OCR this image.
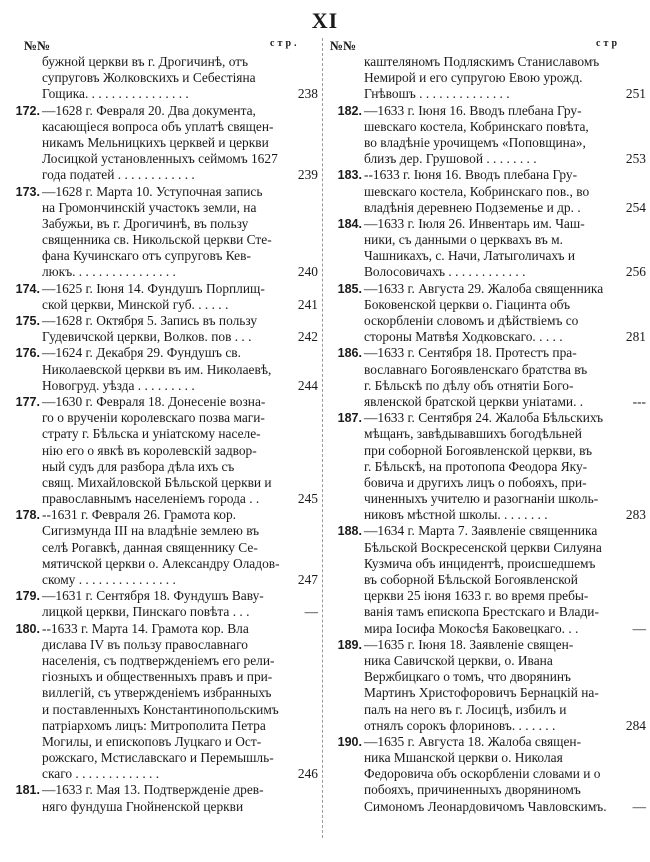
XI
№№	стр. №№	стр
бужной церкви въ г. Дрогичинѣ, отъ
супруговъ Жолковскихъ и Себестіяна
Гощика. . . . . . . . . . . . . . . .	238
172. —1628 г. Февраля 20. Два документа,
касающіеся вопроса объ уплатѣ священ-
никамъ Мельницкихъ церквей и церкви
Лосицкой установленныхъ сеймомъ 1627
года податей . . . . . . . . . . . .	239
173. —1628 г. Марта 10. Уступочная запись
на Громончинскій участокъ земли, на
Забужьи, въ г. Дрогичинѣ, въ пользу
священника св. Никольской церкви Сте-
фана Кучинскаго отъ супруговъ Кев-
люкъ. . . . . . . . . . . . . . . .	240
174. —1625 г. Іюня 14. Фундушъ Порплищ-
ской церкви, Минской губ. . . . . .	241
175. —1628 г. Октября 5. Запись въ пользу
Гудевичской церкви, Волков. пов . . .	242
176. —1624 г. Декабря 29. Фундушъ св.
Николаевской церкви въ им. Николаевѣ,
Новогруд. уѣзда . . . . . . . . .	244
177. —1630 г. Февраля 18. Донесеніе возна-
го о врученіи королевскаго позва маги-
страту г. Бѣльска и уніатскому населе-
нію его о явкѣ въ королевскій задвор-
ный судъ для разбора дѣла ихъ съ
свящ. Михайловской Бѣльской церкви и
православнымъ населеніемъ города . .	245
178. --1631 г. Февраля 26. Грамота кор.
Сигизмунда III на владѣніе землею въ
селѣ Рогавкѣ, данная священнику Се-
мятичской церкви о. Александру Оладов-
скому . . . . . . . . . . . . . . .	247
179. —1631 г. Сентября 18. Фундушъ Ваву-
лицкой церкви, Пинскаго повѣта . . .	—
180. --1633 г. Марта 14. Грамота кор. Вла
дислава IV въ пользу православнаго
населенія, съ подтвержденіемъ его рели-
гіозныхъ и общественныхъ правъ и при-
виллегій, съ утвержденіемъ избранныхъ
и поставленныхъ Константинопольскимъ
патріархомъ лицъ: Митрополита Петра
Могилы, и епископовъ Луцкаго и Ост-
рожскаго, Мстиславскаго и Перемышль-
скаго . . . . . . . . . . . . .	246
181. —1633 г. Мая 13. Подтвержденіе древ-
няго фундуша Гнойненской церкви
каштеляномъ Подляскимъ Станиславомъ
Немирой и его супругою Евою урожд.
Гнѣвошъ . . . . . . . . . . . . . .	251
182. —1633 г. Іюня 16. Вводъ плебана Гру-
шевскаго костела, Кобринскаго повѣта,
во владѣніе урочищемъ «Поповщина»,
близъ дер. Грушовой . . . . . . . .	253
183. --1633 г. Іюня 16. Вводъ плебана Гру-
шевскаго костела, Кобринскаго пов., во
владѣнія деревнею Подземенье и др. .	254
184. —1633 г. Іюля 26. Инвентарь им. Чаш-
ники, съ данными о церквахъ въ м.
Чашникахъ, с. Начи, Латыголичахъ и
Волосовичахъ . . . . . . . . . . . .	256
185. —1633 г. Августа 29. Жалоба священника
Боковенской церкви о. Гіацинта объ
оскорбленіи словомъ и дѣйствіемъ со
стороны Матвѣя Ходковскаго. . . . .	281
186. —1633 г. Сентября 18. Протестъ пра-
вославнаго Богоявленскаго братства въ
г. Бѣльскѣ по дѣлу объ отнятіи Бого-
явленской братской церкви уніатами. .	---
187. —1633 г. Сентября 24. Жалоба Бѣльскихъ
мѣщанъ, завѣдывавшихъ богодѣльней
при соборной Богоявленской церкви, въ
г. Бѣльскѣ, на протопопа Феодора Яку-
бовича и другихъ лицъ о побояхъ, при-
чиненныхъ учителю и разогнаніи школь-
никовъ мѣстной школы. . . . . . . .	283
188. —1634 г. Марта 7. Заявленіе священника
Бѣльской Воскресенской церкви Силуяна
Кузмича объ инцидентѣ, происшедшемъ
въ соборной Бѣльской Богоявленской
церкви 25 іюня 1633 г. во время пребы-
ванія тамъ епископа Брестскаго и Влади-
мира Іосифа Мокосѣя Баковецкаго. . .	—
189. —1635 г. Іюня 18. Заявленіе священ-
ника Савичской церкви, о. Ивана
Вержбицкаго о томъ, что дворянинъ
Мартинъ Христофоровичъ Бернацкій на-
палъ на него въ г. Лосицѣ, избилъ и
отнялъ сорокъ флориновъ. . . . . . .	284
190. —1635 г. Августа 18. Жалоба священ-
ника Мшанской церкви о. Николая
Федоровича объ оскорбленіи словами и о
побояхъ, причиненныхъ дворяниномъ
Симономъ Леонардовичомъ Чавловскимъ.	—
